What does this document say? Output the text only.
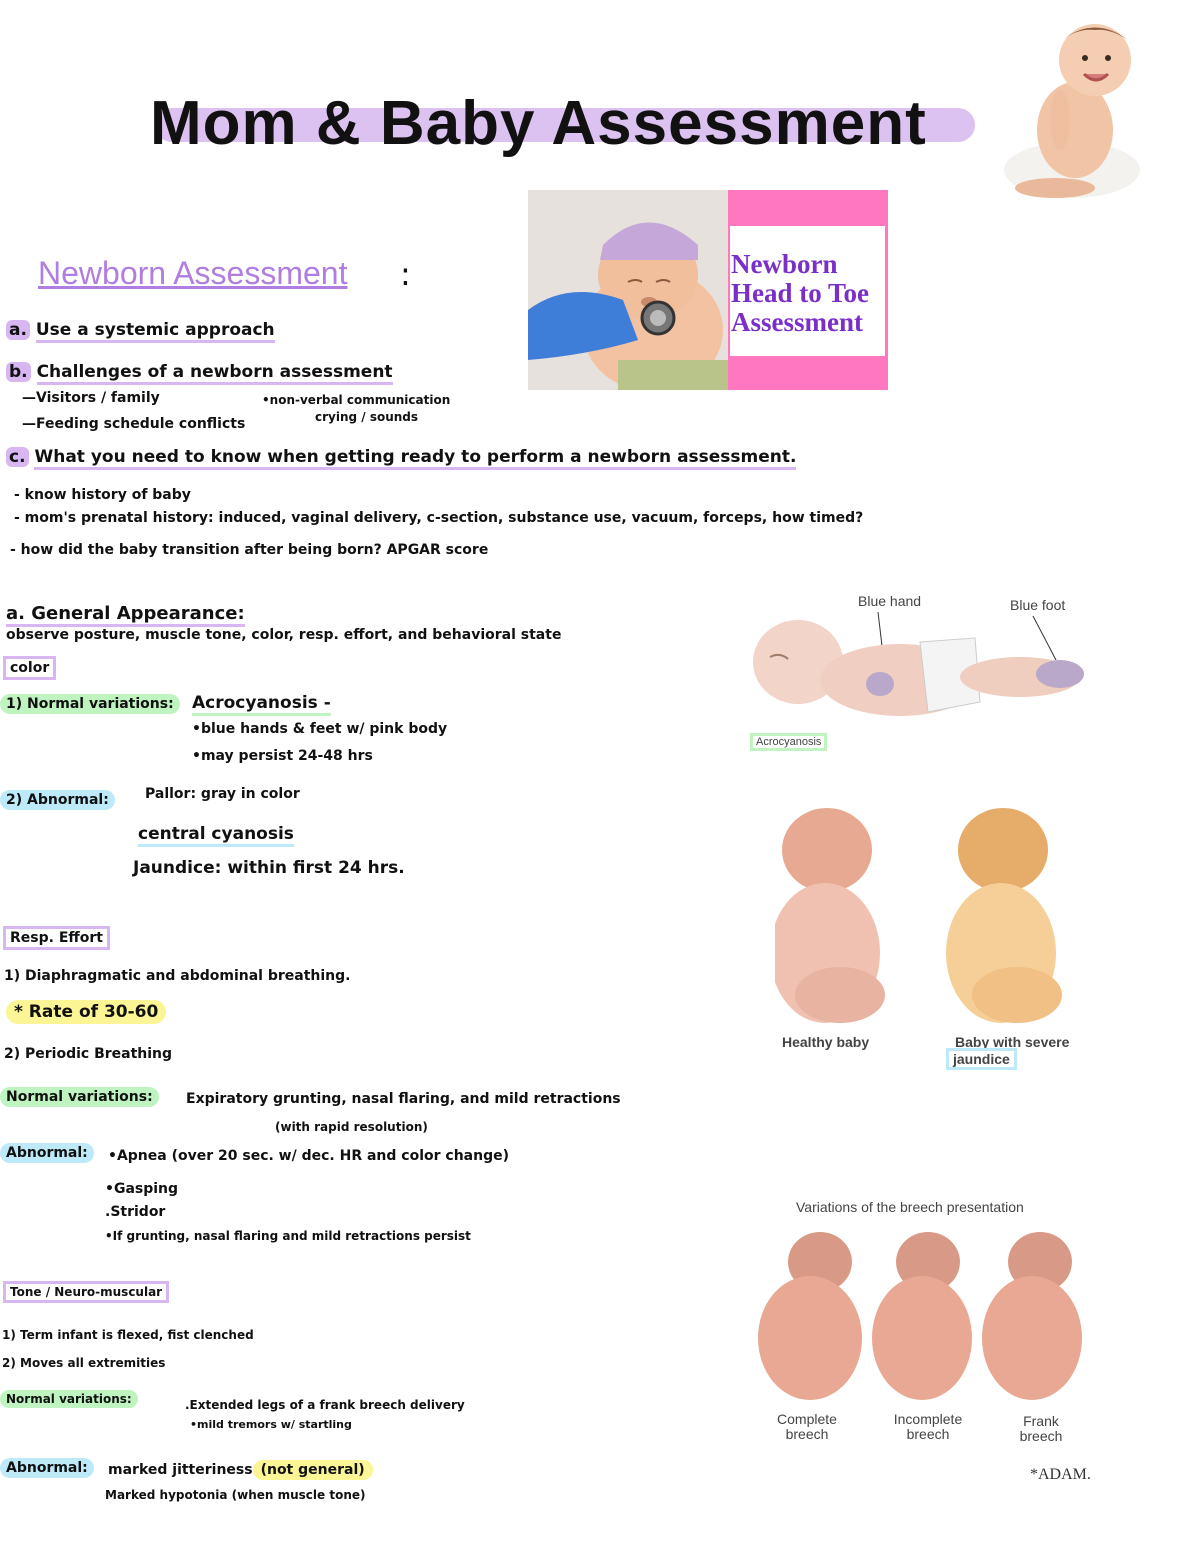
Mom & Baby Assessment
Newborn
Head to Toe
Assessment
Newborn Assessment :
a. Use a systemic approach
b. Challenges of a newborn assessment
—Visitors / family
—Feeding schedule conflicts
•non-verbal communication
crying / sounds
c. What you need to know when getting ready to perform a newborn assessment.
- know history of baby
- mom's prenatal history: induced, vaginal delivery, c-section, substance use, vacuum, forceps, how timed?
- how did the baby transition after being born? APGAR score
a. General Appearance:
observe posture, muscle tone, color, resp. effort, and behavioral state
color
1) Normal variations:	Acrocyanosis -
•blue hands & feet w/ pink body
•may persist 24-48 hrs
2) Abnormal:	Pallor: gray in color
central cyanosis
Jaundice: within first 24 hrs.
Resp. Effort
1) Diaphragmatic and abdominal breathing.
* Rate of 30-60
2) Periodic Breathing
Normal variations:	Expiratory grunting, nasal flaring, and mild retractions
(with rapid resolution)
Abnormal:	•Apnea (over 20 sec. w/ dec. HR and color change)
•Gasping
.Stridor
•If grunting, nasal flaring and mild retractions persist
Tone / Neuro-muscular
1) Term infant is flexed, fist clenched
2) Moves all extremities
Normal variations:	.Extended legs of a frank breech delivery
•mild tremors w/ startling
Abnormal:	marked jitteriness (not general)
Marked hypotonia (when muscle tone)
Blue hand	Blue foot
Acrocyanosis
Healthy baby	Baby with severe
jaundice
Variations of the breech presentation
Complete
breech
Incomplete
breech
Frank
breech
*ADAM.
